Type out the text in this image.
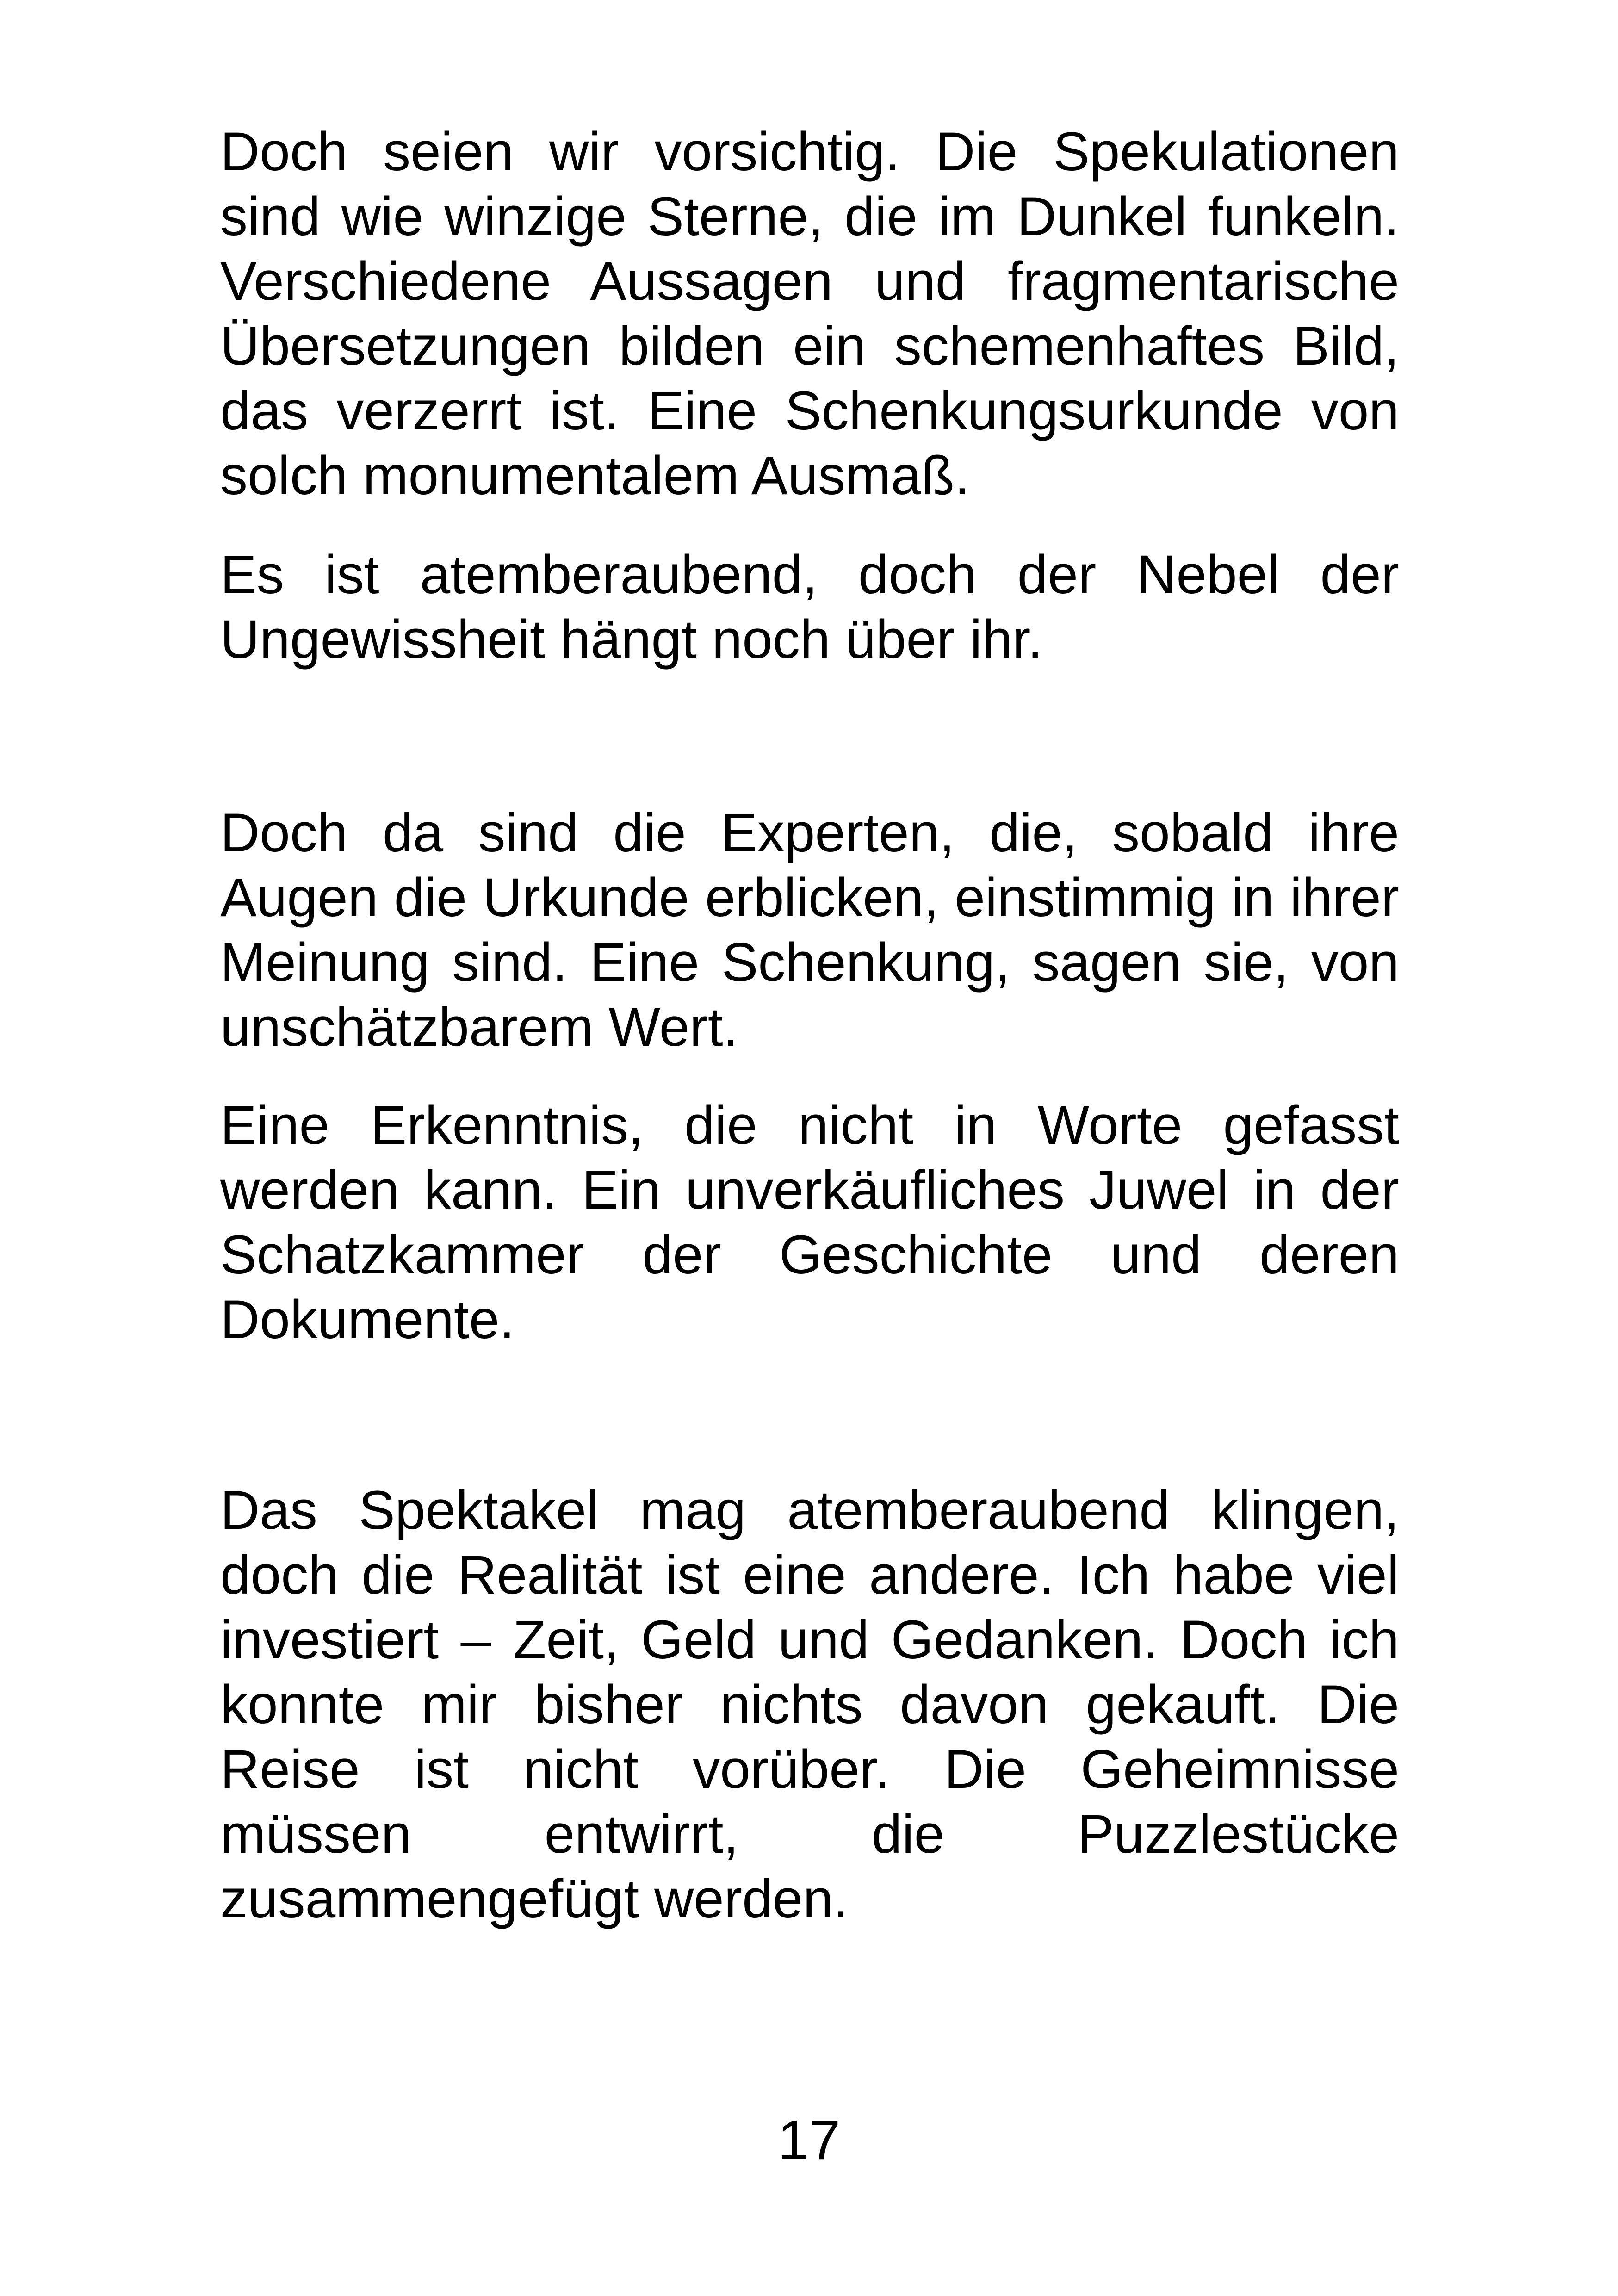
Doch seien wir vorsichtig. Die Spekulationen sind wie winzige Sterne, die im Dunkel funkeln. Verschiedene Aussagen und fragmentarische Übersetzungen bilden ein schemenhaftes Bild, das verzerrt ist. Eine Schenkungsurkunde von solch monumentalem Ausmaß.

Es ist atemberaubend, doch der Nebel der Ungewissheit hängt noch über ihr.

Doch da sind die Experten, die, sobald ihre Augen die Urkunde erblicken, einstimmig in ihrer Meinung sind. Eine Schenkung, sagen sie, von unschätzbarem Wert.

Eine Erkenntnis, die nicht in Worte gefasst werden kann. Ein unverkäufliches Juwel in der Schatzkammer der Geschichte und deren Dokumente.

Das Spektakel mag atemberaubend klingen, doch die Realität ist eine andere. Ich habe viel investiert – Zeit, Geld und Gedanken. Doch ich konnte mir bisher nichts davon gekauft. Die Reise ist nicht vorüber. Die Geheimnisse müssen entwirrt, die Puzzlestücke zusammengefügt werden.

17
